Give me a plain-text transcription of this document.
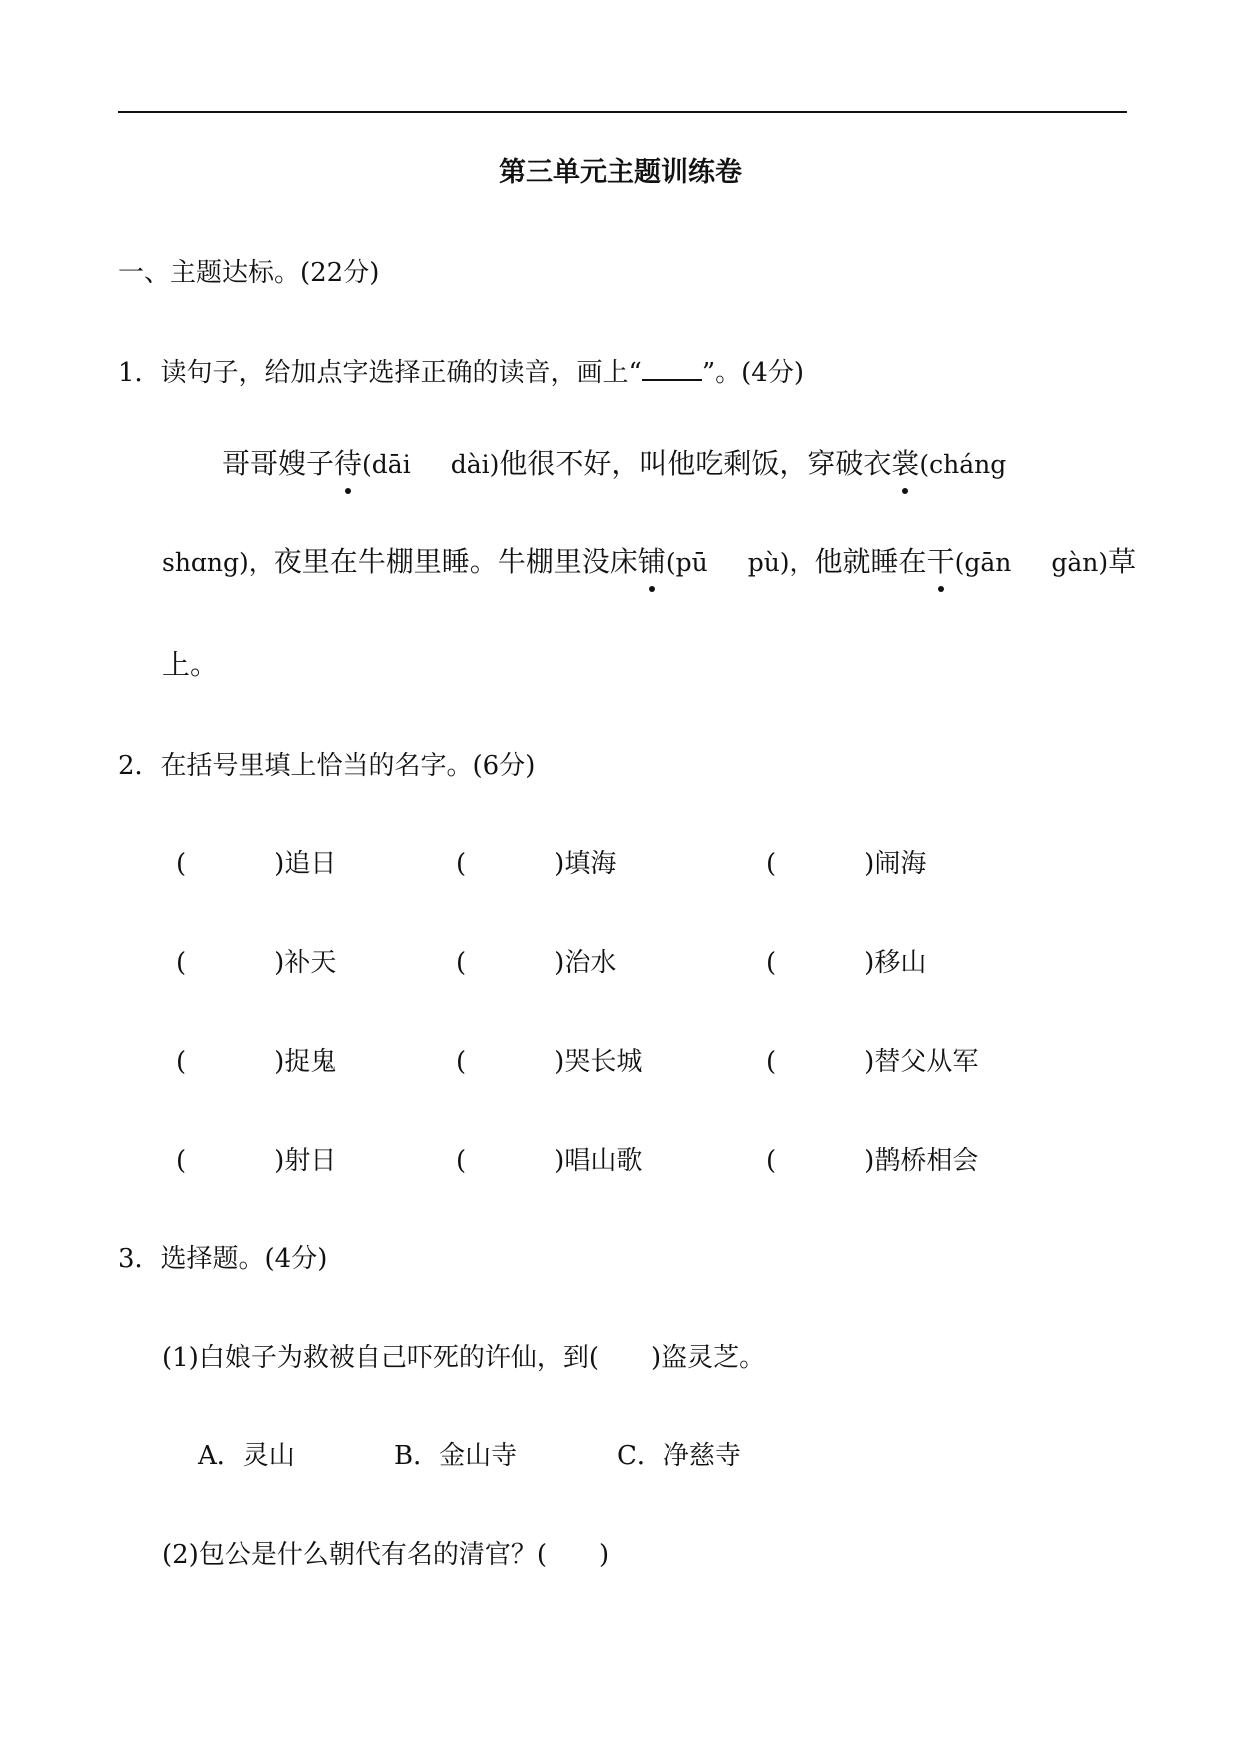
第三单元主题训练卷
一、主题达标。(22分)
1．读句子，给加点字选择正确的读音，画上“ ”。(4分)
哥哥嫂子待(dāi dài)他很不好，叫他吃剩饭，穿破衣裳(cháng
shɑng)，夜里在牛棚里睡。牛棚里没床铺(pū pù)，他就睡在干(gān gàn)草
上。
2．在括号里填上恰当的名字。(6分)
(	)追日	(	)填海	(	)闹海
(	)补天	(	)治水	(	)移山
(	)捉鬼	(	)哭长城	(	)替父从军
(	)射日	(	)唱山歌	(	)鹊桥相会
3．选择题。(4分)
(1)白娘子为救被自己吓死的许仙，到(　　)盗灵芝。
A．灵山	B．金山寺	C．净慈寺
(2)包公是什么朝代有名的清官？(　　)
